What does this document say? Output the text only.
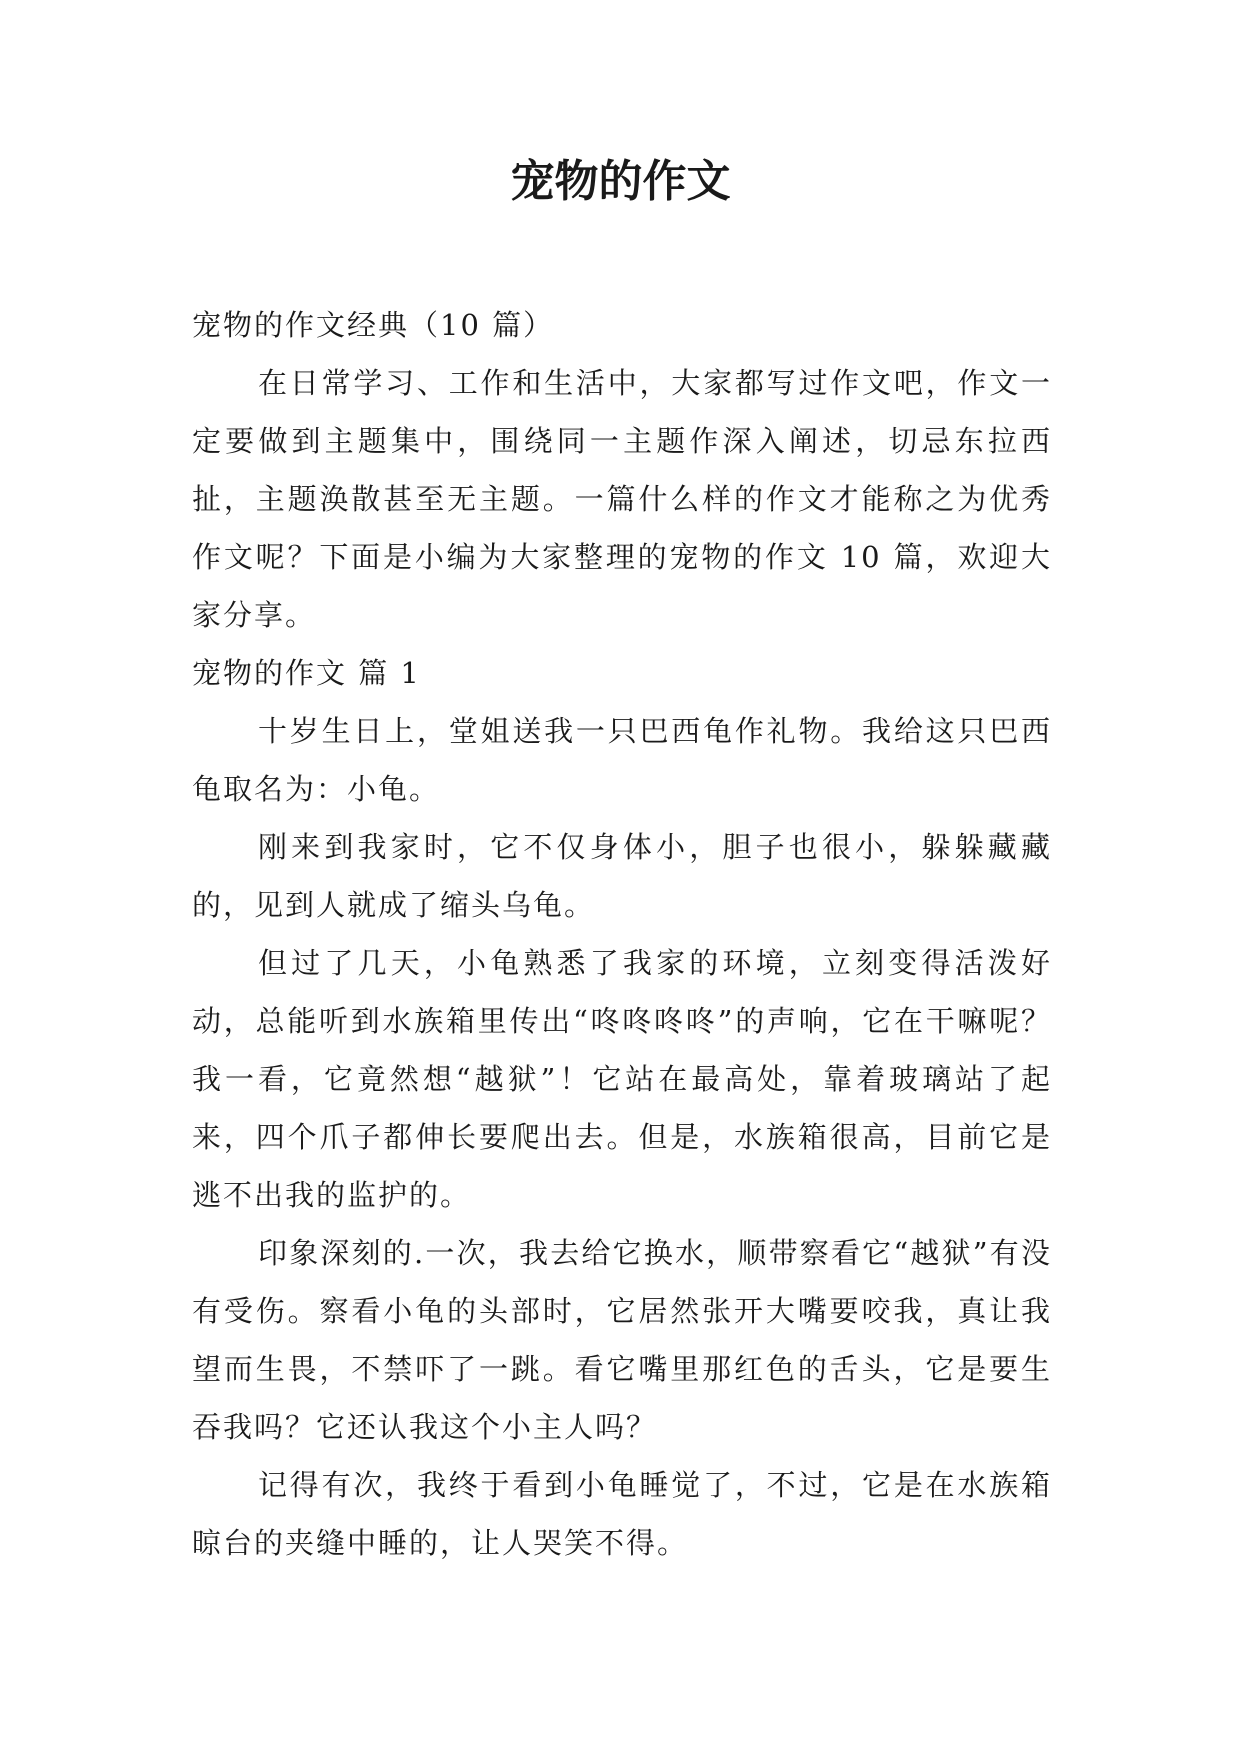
宠物的作文

宠物的作文经典（10 篇）

在日常学习、工作和生活中，大家都写过作文吧，作文一定要做到主题集中，围绕同一主题作深入阐述，切忌东拉西扯，主题涣散甚至无主题。一篇什么样的作文才能称之为优秀作文呢？下面是小编为大家整理的宠物的作文 10 篇，欢迎大家分享。

宠物的作文 篇 1

十岁生日上，堂姐送我一只巴西龟作礼物。我给这只巴西龟取名为：小龟。

刚来到我家时，它不仅身体小，胆子也很小，躲躲藏藏的，见到人就成了缩头乌龟。

但过了几天，小龟熟悉了我家的环境，立刻变得活泼好动，总能听到水族箱里传出“咚咚咚咚”的声响，它在干嘛呢？我一看，它竟然想“越狱”！它站在最高处，靠着玻璃站了起来，四个爪子都伸长要爬出去。但是，水族箱很高，目前它是逃不出我的监护的。

印象深刻的.一次，我去给它换水，顺带察看它“越狱”有没有受伤。察看小龟的头部时，它居然张开大嘴要咬我，真让我望而生畏，不禁吓了一跳。看它嘴里那红色的舌头，它是要生吞我吗？它还认我这个小主人吗？

记得有次，我终于看到小龟睡觉了，不过，它是在水族箱晾台的夹缝中睡的，让人哭笑不得。
